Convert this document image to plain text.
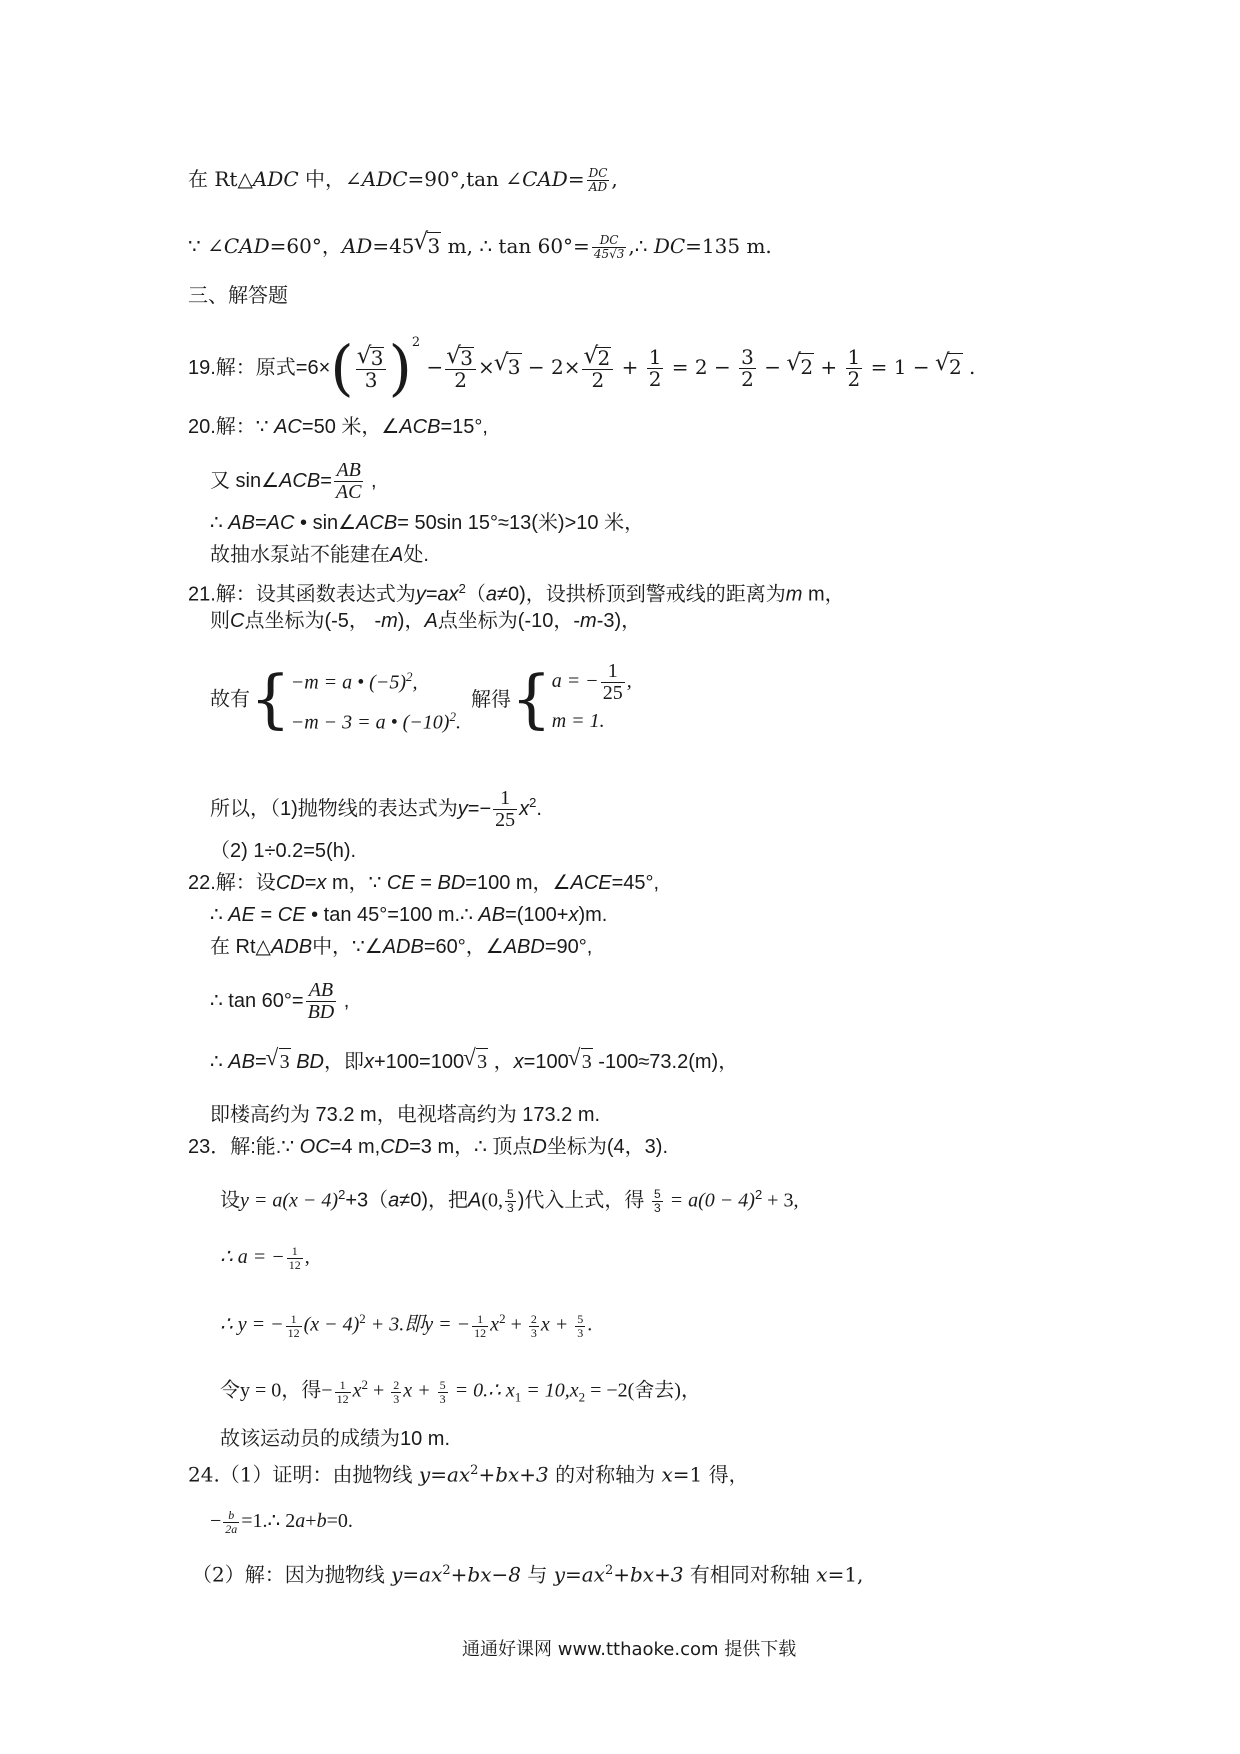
在 Rt△ADC 中，∠ADC=90°,tan ∠CAD= $\frac{DC}{AD}$ ,
∵ ∠CAD=60°，AD=45 √ 3 m, ∴ $\tan 60^\circ= \frac{DC}{45√3}$ ,∴ DC=135 m.
三、解答题
19.解：原式=6×( √ $\frac{3}{3} )^2$ − √ $\frac{3}{2}$ × √ 3 − 2× √ $\frac{2}{2} + \frac{1}{2} = 2 - \frac{3}{2}$ − √ $2 + \frac{1}{2} = 1$ − √ 2 .
20.解：∵ AC=50 米，∠ACB=15°,
又 sin∠ACB= $\frac{AB}{AC}$ ,
∴ AB=AC • sin∠ACB= 50sin 15°≈13(米)>10 米，
故抽水泵站不能建在A处.
21.解：设其函数表达式为$y=ax^2(a\ne 0)$，设拱桥顶到警戒线的距离为m m，
则C点坐标为(-5， -m)，A点坐标为(-10，-m-3)，
故有{ −m = a • $(-5)^2$,
−m − 3 = a • $(-10)^2$.
解得{ a = − $\frac{1}{25}$ ,
m = 1.
所以，（1)抛物线的表达式为$y=- \frac{1}{25} x^2$.
（2) 1÷0.2=5(h).
22.解：设CD=x m，∵ CE = BD=100 m，∠ACE=45°,
∴ AE = CE • tan 45°=100 m.∴ AB=(100+x)m.
在 Rt△ADB中，∵∠ADB=60°，∠ABD=90°,
∴ $\tan 60^\circ= \frac{AB}{BD}$ ,
∴ AB= √ 3 BD，即x+100=100 √ 3 ，x=100 √ 3 -100≈73.2(m)，
即楼高约为 73.2 m，电视塔高约为 173.2 m.
23．解:能.∵ OC=4 m,CD=3 m，∴ 顶点D坐标为(4，3).
设$y = a(x - 4)^2+3(a\ne 0)$，把A(0, $\frac{5}{3}$ )代入上式，得 $\frac{5}{3} = a(0 - 4)^2 + 3$,
∴ a = − $\frac{1}{12}$ ,
∴ y = − $\frac{1}{12} (x - 4)^2 + 3$.即y = − $\frac{1}{12} x^2 + \frac{2}{3}$ $x + \frac{5}{3}$ .
令y = 0，得− $\frac{1}{12} x^2 + \frac{2}{3}$ $x + \frac{5}{3}$ = 0.∴ $x_1 = 10,x_2 = -2$(舍去)，
故该运动员的成绩为10 m.
24.（1）证明：由抛物线 $y=ax^2+bx+3$ 的对称轴为 x=1 得，
− $\frac{b}{2a}$ =1.∴ 2a+b=0.
（2）解：因为抛物线 $y=ax^2+bx-8$ 与 $y=ax^2+bx+3$ 有相同对称轴 x=1,
通通好课网 www.tthaoke.com 提供下载
